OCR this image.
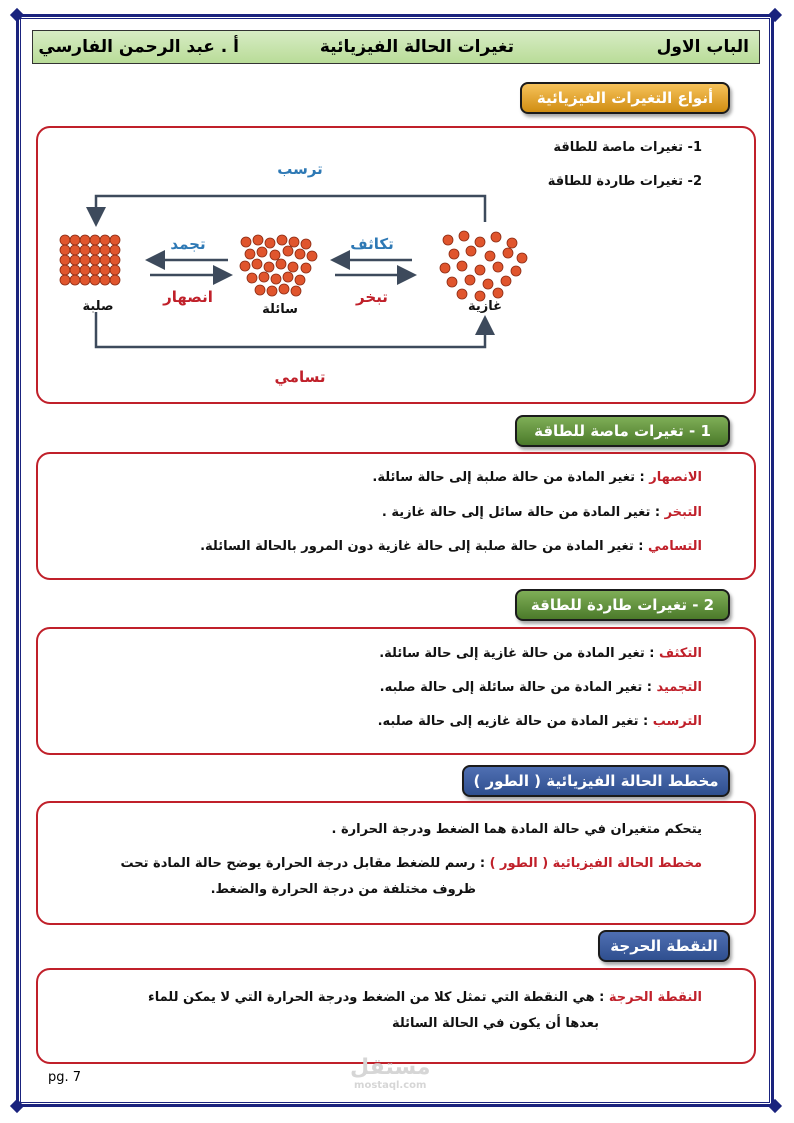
الباب الاول
تغيرات الحالة الفيزيائية
أ . عبد الرحمن الفارسي
أنواع التغيرات الفيزيائية
1- تغيرات ماصة للطاقة
2- تغيرات طاردة للطاقة
ترسب
تسامي
تجمد
انصهار
تكاثف
تبخر
صلبة	سائلة	غازية
1 - تغيرات ماصة للطاقة
الانصهار : تغير المادة من حالة صلبة إلى حالة سائلة.
التبخر : تغير المادة من حالة سائل إلى حالة غازية .
التسامي : تغير المادة من حالة صلبة إلى حالة غازية دون المرور بالحالة السائلة.
2 - تغيرات طاردة للطاقة
التكثف : تغير المادة من حالة غازية إلى حالة سائلة.
التجميد : تغير المادة من حالة سائلة إلى حالة صلبه.
الترسب : تغير المادة من حالة غازيه إلى حالة صلبه.
مخطط الحالة الفيزيائية ( الطور )
يتحكم متغيران في حالة المادة هما الضغط ودرجة الحرارة .
مخطط الحالة الفيزيائية ( الطور ) : رسم للضغط مقابل درجة الحرارة يوضح حالة المادة تحت
ظروف مختلفة من درجة الحرارة والضغط.
النقطة الحرجة
النقطة الحرجة : هي النقطة التي تمثل كلا من الضغط ودرجة الحرارة التي لا يمكن للماء
بعدها أن يكون في الحالة السائلة
pg. 7	مستقل
mostaql.com
